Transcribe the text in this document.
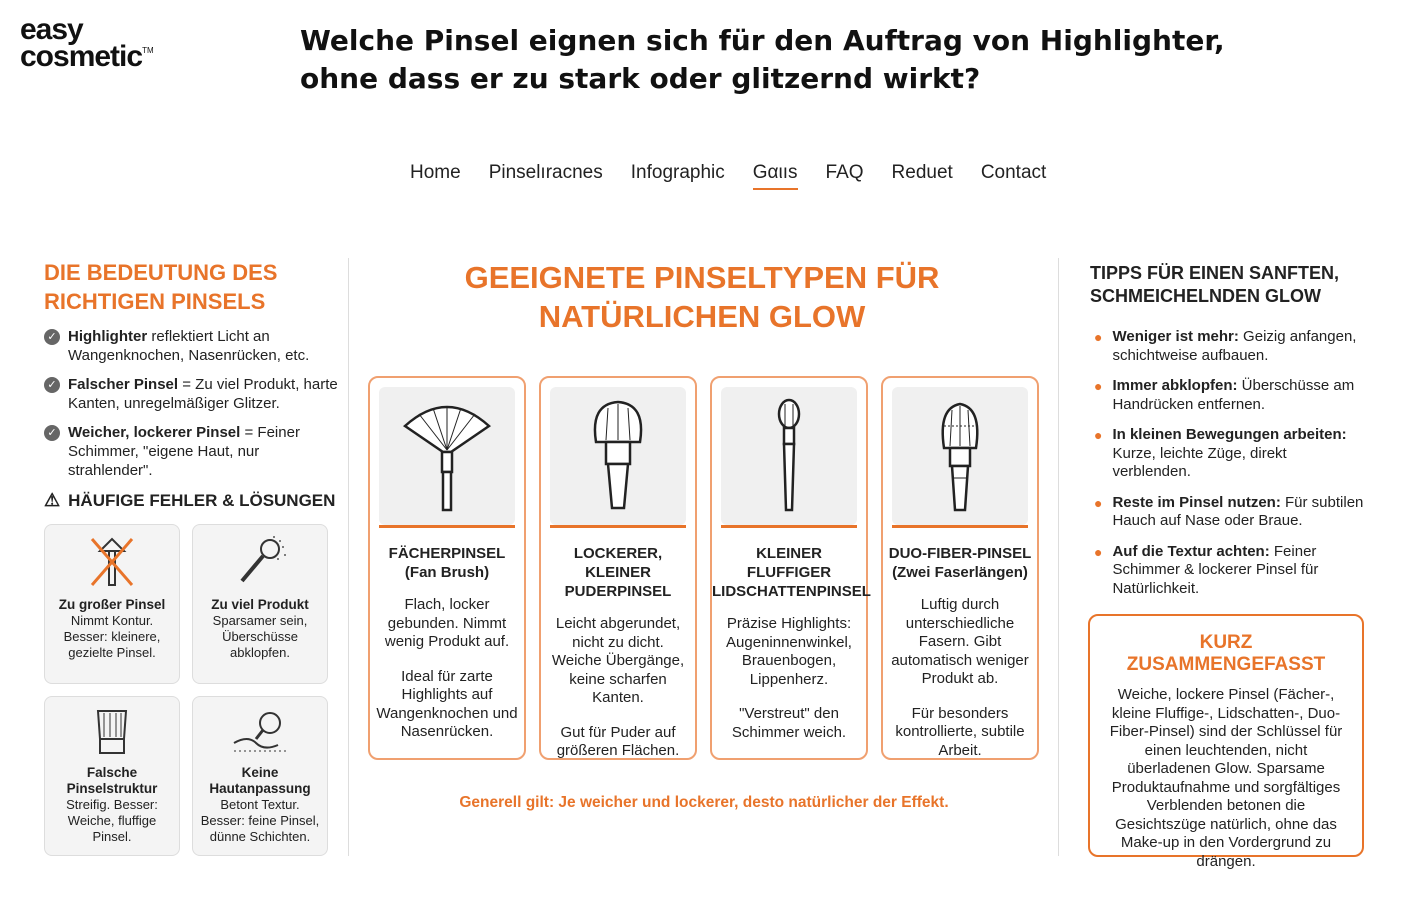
easy
cosmetic™	Welche Pinsel eignen sich für den Auftrag von Highlighter,
ohne dass er zu stark oder glitzernd wirkt?
Home Pinselıracnes Infographic Gαιıs FAQ Reduet Contact
DIE BEDEUTUNG DES RICHTIGEN PINSELS
✓ Highlighter reflektiert Licht an Wangenknochen, Nasenrücken, etc.
✓ Falscher Pinsel = Zu viel Produkt, harte Kanten, unregelmäßiger Glitzer.
✓ Weicher, lockerer Pinsel = Feiner Schimmer, "eigene Haut, nur strahlender".
⚠ HÄUFIGE FEHLER & LÖSUNGEN
Zu großer Pinsel
Nimmt Kontur. Besser: kleinere, gezielte Pinsel.
Zu viel Produkt
Sparsamer sein, Überschüsse abklopfen.
Falsche Pinselstruktur
Streifig. Besser: Weiche, fluffige Pinsel.
Keine Hautanpassung
Betont Textur. Besser: feine Pinsel, dünne Schichten.
GEEIGNETE PINSELTYPEN FÜR
NATÜRLICHEN GLOW
FÄCHERPINSEL
(Fan Brush)
Flach, locker gebunden. Nimmt wenig Produkt auf.
Ideal für zarte Highlights auf Wangenknochen und Nasenrücken.
LOCKERER, KLEINER
PUDERPINSEL
Leicht abgerundet, nicht zu dicht. Weiche Übergänge, keine scharfen Kanten.
Gut für Puder auf größeren Flächen.
KLEINER FLUFFIGER
LIDSCHATTENPINSEL
Präzise Highlights: Augeninnenwinkel, Brauenbogen, Lippenherz.
"Verstreut" den Schimmer weich.
DUO-FIBER-PINSEL
(Zwei Faserlängen)
Luftig durch unterschiedliche Fasern. Gibt automatisch weniger Produkt ab.
Für besonders kontrollierte, subtile Arbeit.
Generell gilt: Je weicher und lockerer, desto natürlicher der Effekt.
TIPPS FÜR EINEN SANFTEN, SCHMEICHELNDEN GLOW
● Weniger ist mehr: Geizig anfangen, schichtweise aufbauen.
● Immer abklopfen: Überschüsse am Handrücken entfernen.
● In kleinen Bewegungen arbeiten: Kurze, leichte Züge, direkt verblenden.
● Reste im Pinsel nutzen: Für subtilen Hauch auf Nase oder Braue.
● Auf die Textur achten: Feiner Schimmer & lockerer Pinsel für Natürlichkeit.
KURZ ZUSAMMENGEFASST

Weiche, lockere Pinsel (Fächer-, kleine Fluffige-, Lidschatten-, Duo-Fiber-Pinsel) sind der Schlüssel für einen leuchtenden, nicht überladenen Glow. Sparsame Produktaufnahme und sorgfältiges Verblenden betonen die Gesichtszüge natürlich, ohne das Make-up in den Vordergrund zu drängen.
